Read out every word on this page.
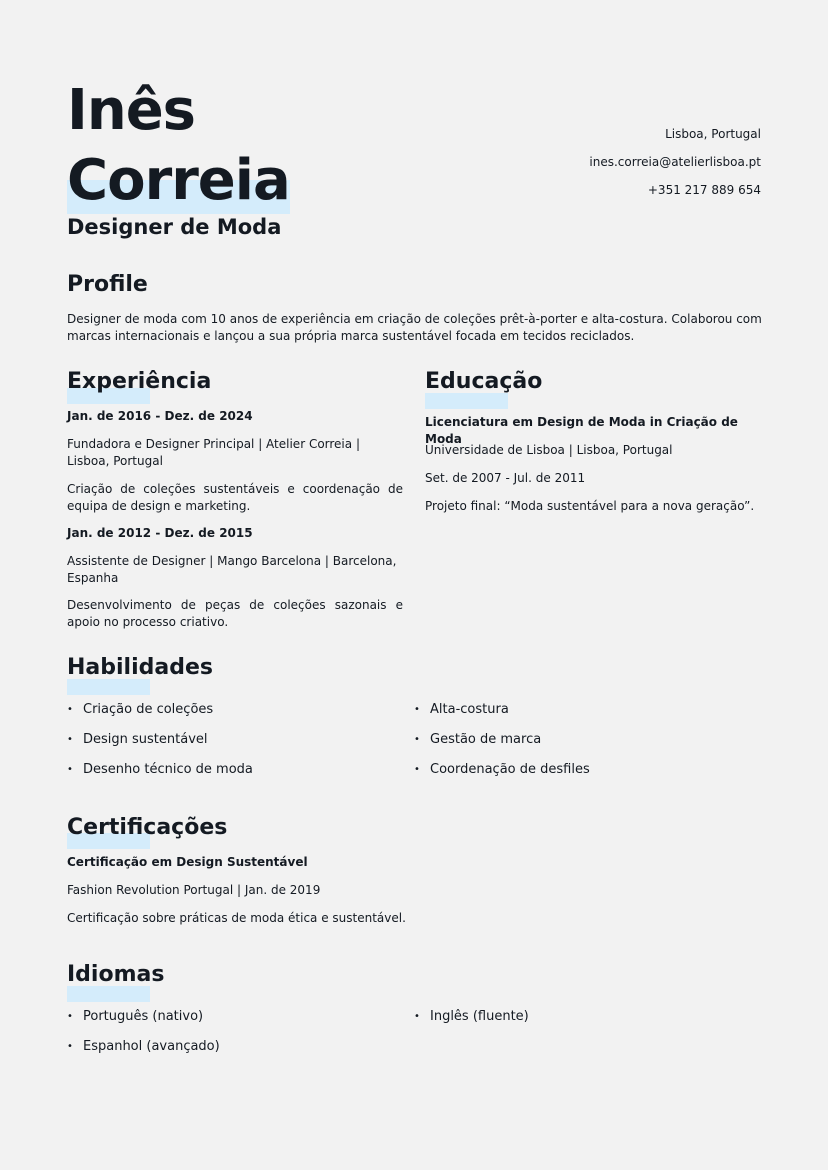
Inês
Correia
Designer de Moda
Lisboa, Portugal
ines.correia@atelierlisboa.pt
+351 217 889 654
Profile

Designer de moda com 10 anos de experiência em criação de coleções prêt-à-porter e alta-costura. Colaborou com marcas internacionais e lançou a sua própria marca sustentável focada em tecidos reciclados.

Experiência

Jan. de 2016 - Dez. de 2024

Fundadora e Designer Principal | Atelier Correia | Lisboa, Portugal

Criação de coleções sustentáveis e coordenação de equipa de design e marketing.

Jan. de 2012 - Dez. de 2015

Assistente de Designer | Mango Barcelona | Barcelona, Espanha

Desenvolvimento de peças de coleções sazonais e apoio no processo criativo.

Educação

Licenciatura em Design de Moda in Criação de Moda

Universidade de Lisboa | Lisboa, Portugal

Set. de 2007 - Jul. de 2011

Projeto final: “Moda sustentável para a nova geração”.

Habilidades
• Criação de coleções
• Design sustentável
• Desenho técnico de moda
• Alta-costura
• Gestão de marca
• Coordenação de desfiles
Certificações

Certificação em Design Sustentável

Fashion Revolution Portugal | Jan. de 2019

Certificação sobre práticas de moda ética e sustentável.

Idiomas
• Português (nativo)
• Espanhol (avançado)
• Inglês (fluente)
